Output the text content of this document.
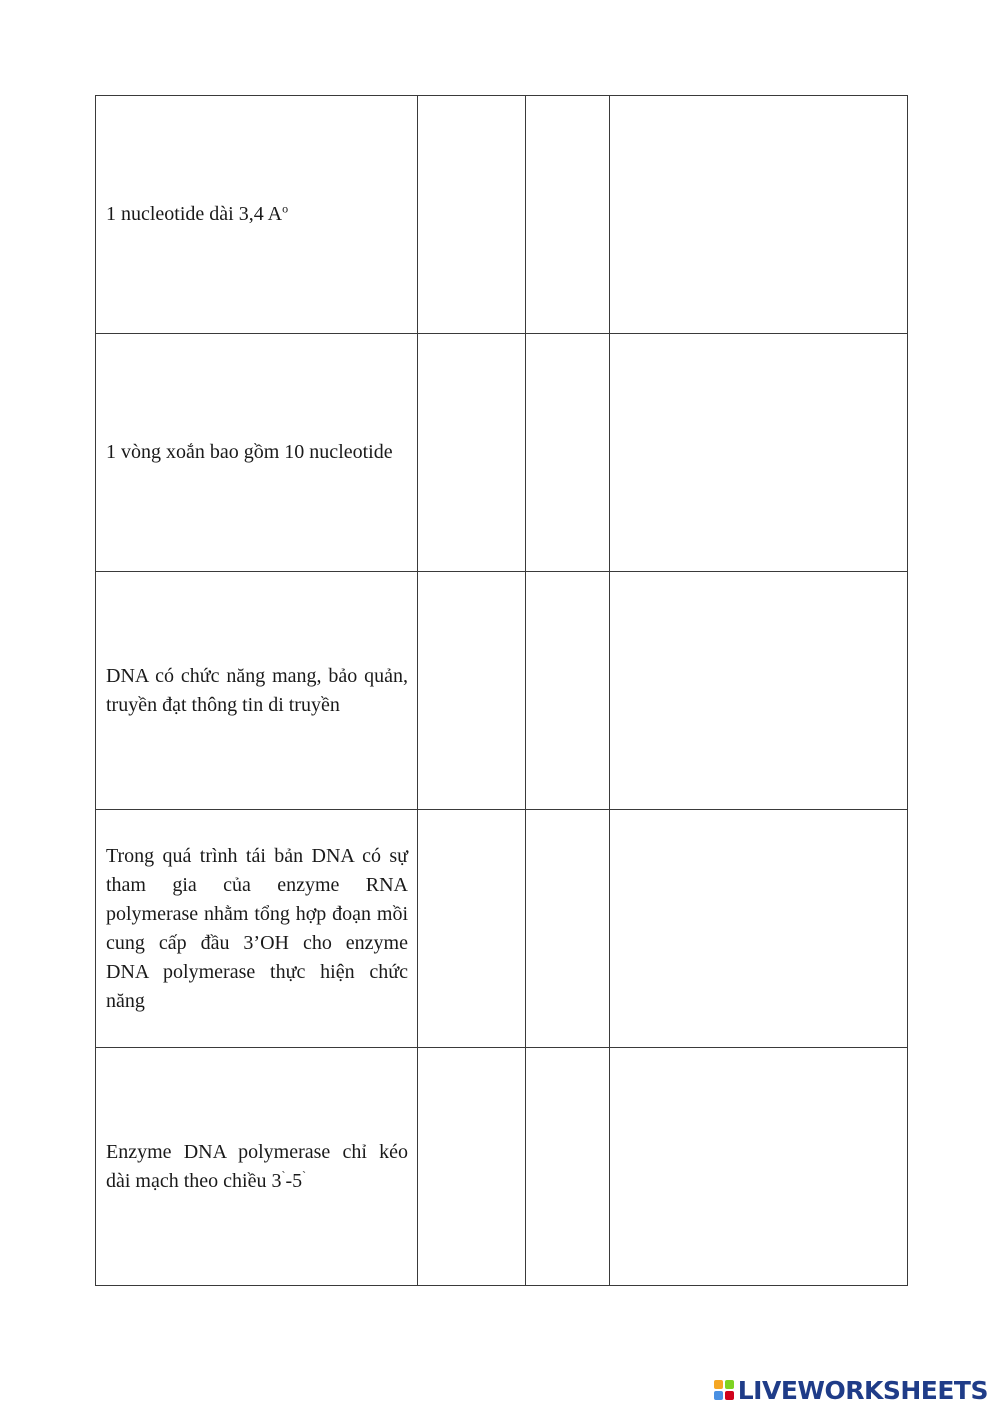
1 nucleotide dài 3,4 $A^o$

1 vòng xoắn bao gồm 10 nucleotide			

DNA có chức năng mang, bảo quản, truyền đạt thông tin di truyền			

Trong quá trình tái bản DNA có sự tham gia của enzyme RNA polymerase nhằm tổng hợp đoạn mồi cung cấp đầu 3’OH cho enzyme DNA polymerase thực hiện chức năng			

Enzyme DNA polymerase chỉ kéo dài mạch theo chiều 3`-5`

LIVEWORKSHEETS
